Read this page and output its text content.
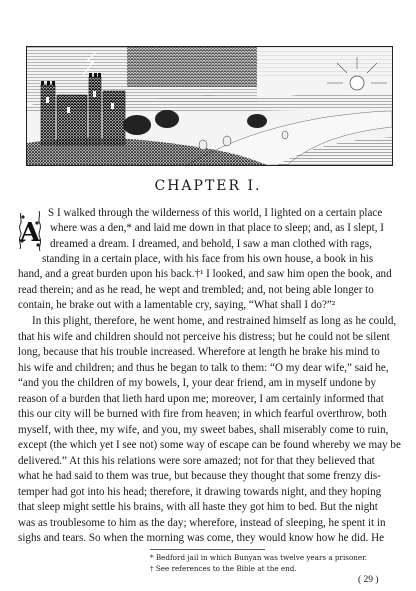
CHAPTER I.
A
S I walked through the wilderness of this world, I lighted on a certain place
where was a den,* and laid me down in that place to sleep; and, as I slept, I
dreamed a dream. I dreamed, and behold, I saw a man clothed with rags,
standing in a certain place, with his face from his own house, a book in his
hand, and a great burden upon his back.†¹ I looked, and saw him open the book, and
read therein; and as he read, he wept and trembled; and, not being able longer to
contain, he brake out with a lamentable cry, saying, “What shall I do?”²
In this plight, therefore, he went home, and restrained himself as long as he could,
that his wife and children should not perceive his distress; but he could not be silent
long, because that his trouble increased. Wherefore at length he brake his mind to
his wife and children; and thus he began to talk to them: “O my dear wife,” said he,
“and you the children of my bowels, I, your dear friend, am in myself undone by
reason of a burden that lieth hard upon me; moreover, I am certainly informed that
this our city will be burned with fire from heaven; in which fearful overthrow, both
myself, with thee, my wife, and you, my sweet babes, shall miserably come to ruin,
except (the which yet I see not) some way of escape can be found whereby we may be
delivered.” At this his relations were sore amazed; not for that they believed that
what he had said to them was true, but because they thought that some frenzy dis-
temper had got into his head; therefore, it drawing towards night, and they hoping
that sleep might settle his brains, with all haste they got him to bed. But the night
was as troublesome to him as the day; wherefore, instead of sleeping, he spent it in
sighs and tears. So when the morning was come, they would know how he did. He
* Bedford jail in which Bunyan was twelve years a prisoner.
† See references to the Bible at the end.
( 29 )
